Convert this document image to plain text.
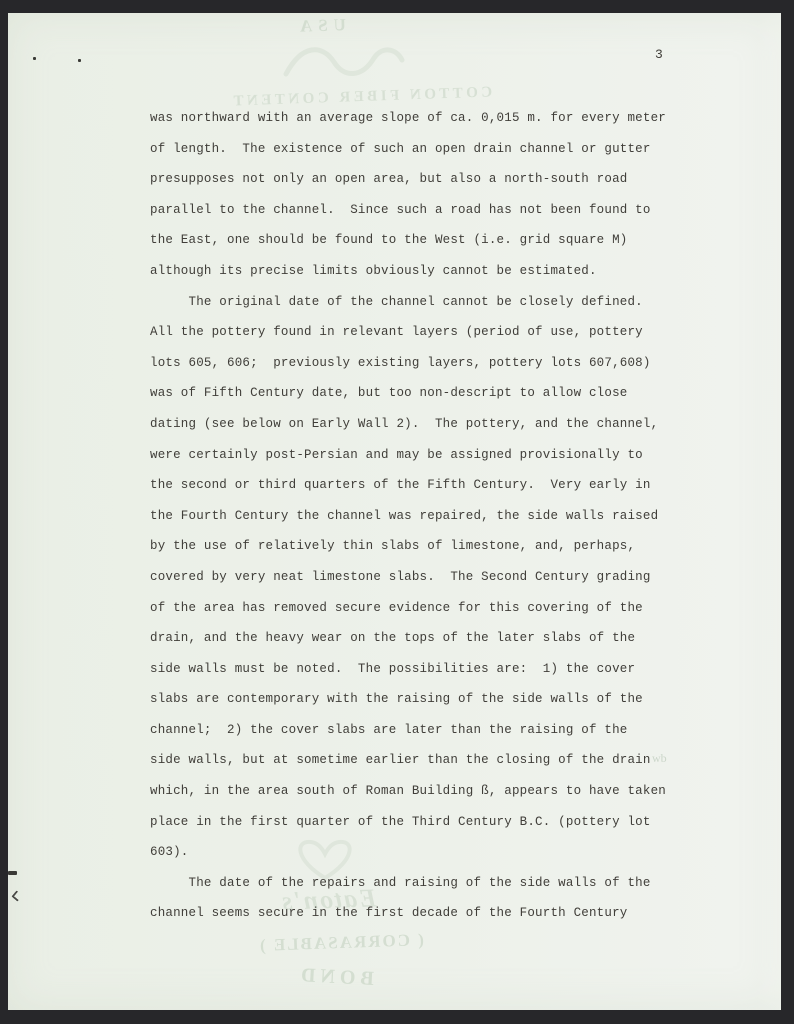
USA
COTTON FIBER CONTENT
Eaton's
( CORRASABLE )
BOND
wb
3
was northward with an average slope of ca. 0,015 m. for every meter
of length.  The existence of such an open drain channel or gutter
presupposes not only an open area, but also a north-south road
parallel to the channel.  Since such a road has not been found to
the East, one should be found to the West (i.e. grid square M)
although its precise limits obviously cannot be estimated.
The original date of the channel cannot be closely defined.
All the pottery found in relevant layers (period of use, pottery
lots 605, 606;  previously existing layers, pottery lots 607,608)
was of Fifth Century date, but too non-descript to allow close
dating (see below on Early Wall 2).  The pottery, and the channel,
were certainly post-Persian and may be assigned provisionally to
the second or third quarters of the Fifth Century.  Very early in
the Fourth Century the channel was repaired, the side walls raised
by the use of relatively thin slabs of limestone, and, perhaps,
covered by very neat limestone slabs.  The Second Century grading
of the area has removed secure evidence for this covering of the
drain, and the heavy wear on the tops of the later slabs of the
side walls must be noted.  The possibilities are:  1) the cover
slabs are contemporary with the raising of the side walls of the
channel;  2) the cover slabs are later than the raising of the
side walls, but at sometime earlier than the closing of the drain
which, in the area south of Roman Building ß, appears to have taken
place in the first quarter of the Third Century B.C. (pottery lot
603).
The date of the repairs and raising of the side walls of the
channel seems secure in the first decade of the Fourth Century
